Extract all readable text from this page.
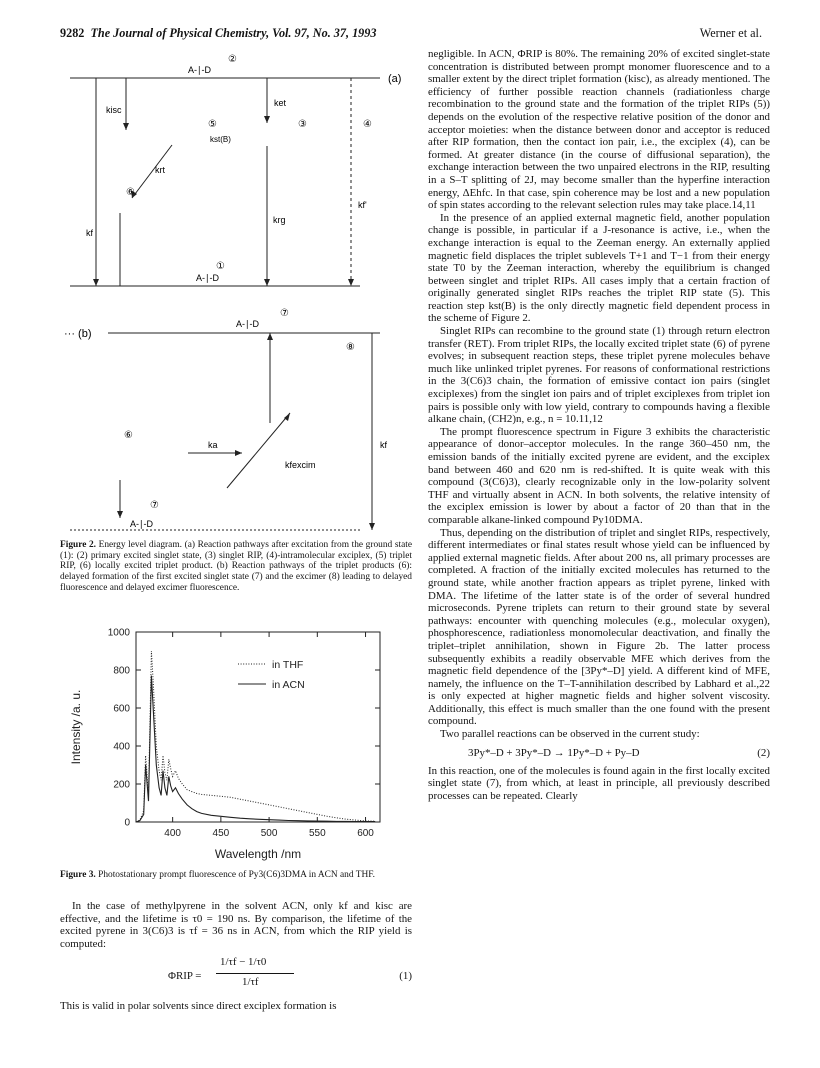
9282 The Journal of Physical Chemistry, Vol. 97, No. 37, 1993	Werner et al.
(a)
kisc
ket
kst(B)
krt
krg
kf
kf'
A-∣-D
②
①
A-∣-D
⑥
⑤	③	④
··· (b)
A-∣-D
⑦
⑧
kf
ka
kfexcim
⑥
A-∣-D
⑦
Figure 2. Energy level diagram. (a) Reaction pathways after excitation from the ground state (1): (2) primary excited singlet state, (3) singlet RIP, (4)-intramolecular exciplex, (5) triplet RIP, (6) locally excited triplet product. (b) Reaction pathways of the triplet products (6): delayed formation of the first excited singlet state (7) and the excimer (8) leading to delayed fluorescence and delayed excimer fluorescence.
0
200
400
600
800
1000
400	450	500	550	600
Wavelength /nm
Intensity /a. u.
in THF
in ACN
Figure 3. Photostationary prompt fluorescence of Py3(C6)3DMA in ACN and THF.

In the case of methylpyrene in the solvent ACN, only kf and kisc are effective, and the lifetime is τ0 = 190 ns. By comparison, the lifetime of the excited pyrene in 3(C6)3 is τf = 36 ns in ACN, from which the RIP yield is computed:

ΦRIP =
1/τf − 1/τ0
1/τf	(1)

This is valid in polar solvents since direct exciplex formation is

negligible. In ACN, ΦRIP is 80%. The remaining 20% of excited singlet-state concentration is distributed between prompt monomer fluorescence and to a smaller extent by the direct triplet formation (kisc), as already mentioned. The efficiency of further possible reaction channels (radiationless charge recombination to the ground state and the formation of the triplet RIPs (5)) depends on the evolution of the respective relative position of the donor and acceptor moieties: when the distance between donor and acceptor is reduced after RIP formation, then the contact ion pair, i.e., the exciplex (4), can be formed. At greater distance (in the course of diffusional separation), the exchange interaction between the two unpaired electrons in the RIP, resulting in a S–T splitting of 2J, may become smaller than the hyperfine interaction energy, ΔEhfc. In that case, spin coherence may be lost and a new population of spin states according to the relevant selection rules may take place.14,11

In the presence of an applied external magnetic field, another population change is possible, in particular if a J-resonance is active, i.e., when the exchange interaction is equal to the Zeeman energy. An externally applied magnetic field displaces the triplet sublevels T+1 and T−1 from their energy state T0 by the Zeeman interaction, whereby the equilibrium is changed between singlet and triplet RIPs. All cases imply that a certain fraction of originally generated singlet RIPs reaches the triplet RIP state (5). This reaction step kst(B) is the only directly magnetic field dependent process in the scheme of Figure 2.

Singlet RIPs can recombine to the ground state (1) through return electron transfer (RET). From triplet RIPs, the locally excited triplet state (6) of pyrene evolves; in subsequent reaction steps, these triplet pyrene molecules behave much like unlinked triplet pyrenes. For reasons of conformational restrictions in the 3(C6)3 chain, the formation of emissive contact ion pairs (singlet exciplexes) from the singlet ion pairs and of triplet exciplexes from triplet ion pairs is possible only with low yield, contrary to compounds having a flexible alkane chain, (CH2)n, e.g., n = 10.11,12

The prompt fluorescence spectrum in Figure 3 exhibits the characteristic appearance of donor–acceptor molecules. In the range 360–450 nm, the emission bands of the initially excited pyrene are evident, and the exciplex band between 460 and 620 nm is red-shifted. It is quite weak with this compound (3(C6)3), clearly recognizable only in the low-polarity solvent THF and virtually absent in ACN. In both solvents, the relative intensity of the exciplex emission is lower by about a factor of 20 than that in the comparable alkane-linked compound Py10DMA.

Thus, depending on the distribution of triplet and singlet RIPs, respectively, different intermediates or final states result whose yield can be influenced by applied external magnetic fields. After about 200 ns, all primary processes are completed. A fraction of the initially excited molecules has returned to the ground state, while another fraction appears as triplet pyrene, linked with DMA. The lifetime of the latter state is of the order of several hundred microseconds. Pyrene triplets can return to their ground state by several pathways: encounter with quenching molecules (e.g., molecular oxygen), phosphorescence, radiationless monomolecular deactivation, and finally the triplet–triplet annihilation, shown in Figure 2b. The latter process subsequently exhibits a readily observable MFE which derives from the magnetic field dependence of the [3Py*–D] yield. A different kind of MFE, namely, the influence on the T–T-annihilation described by Labhard et al.,22 is only expected at higher magnetic fields and higher solvent viscosity. Additionally, this effect is much smaller than the one found with the present compound.

Two parallel reactions can be observed in the current study:

3Py*–D + 3Py*–D → 1Py*–D + Py–D	(2)

In this reaction, one of the molecules is found again in the first locally excited singlet state (7), from which, at least in principle, all previously described processes can be repeated. Clearly
